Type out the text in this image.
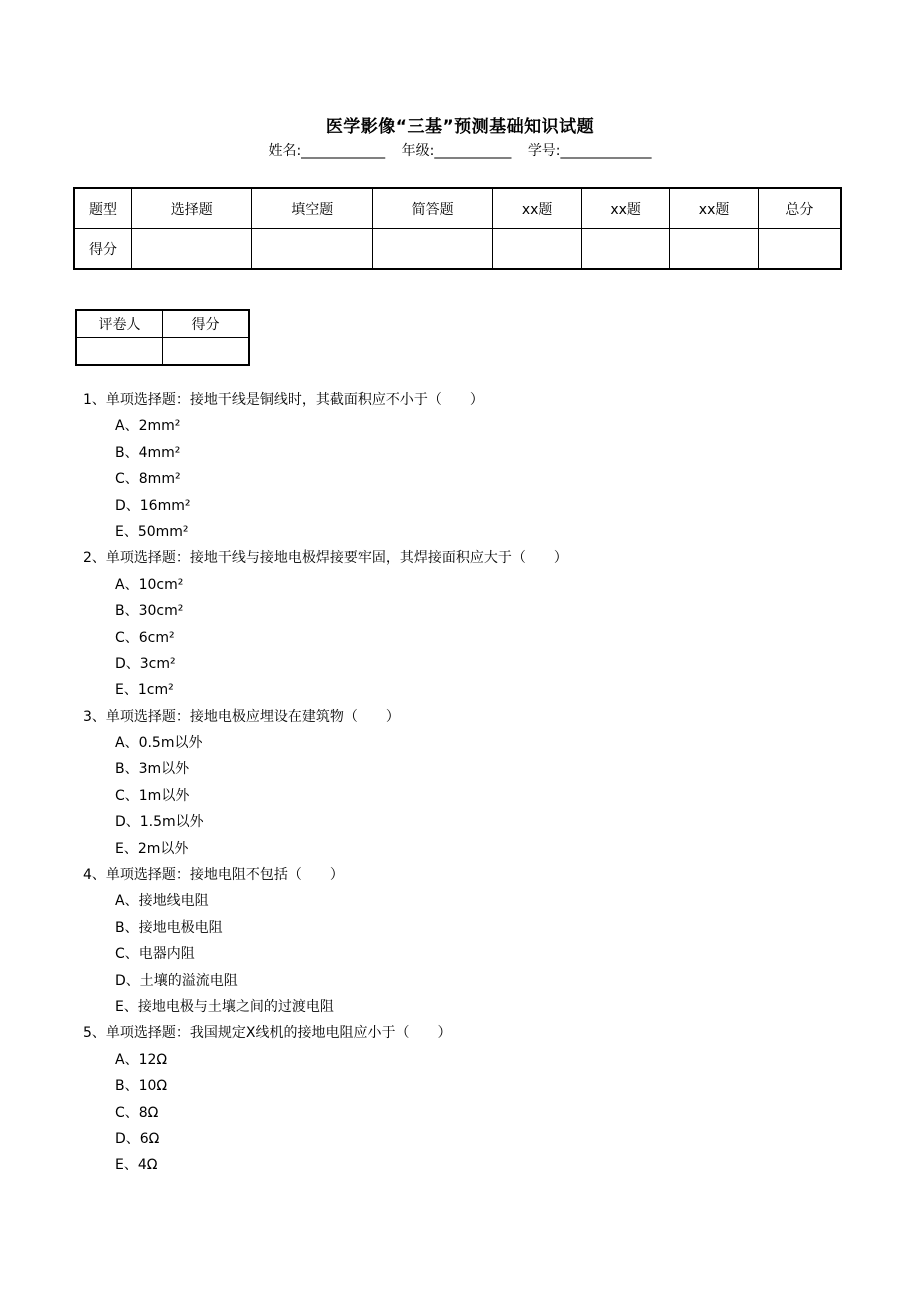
医学影像“三基”预测基础知识试题
姓名:____________ 年级:___________ 学号:_____________
题型	选择题	填空题	简答题	xx题	xx题	xx题	总分
得分							
评卷人	得分

1、单项选择题：接地干线是铜线时，其截面积应不小于（　　）
A、2mm²
B、4mm²
C、8mm²
D、16mm²
E、50mm²
2、单项选择题：接地干线与接地电极焊接要牢固，其焊接面积应大于（　　）
A、10cm²
B、30cm²
C、6cm²
D、3cm²
E、1cm²
3、单项选择题：接地电极应埋设在建筑物（　　）
A、0.5m以外
B、3m以外
C、1m以外
D、1.5m以外
E、2m以外
4、单项选择题：接地电阻不包括（　　）
A、接地线电阻
B、接地电极电阻
C、电器内阻
D、土壤的溢流电阻
E、接地电极与土壤之间的过渡电阻
5、单项选择题：我国规定X线机的接地电阻应小于（　　）
A、12Ω
B、10Ω
C、8Ω
D、6Ω
E、4Ω
